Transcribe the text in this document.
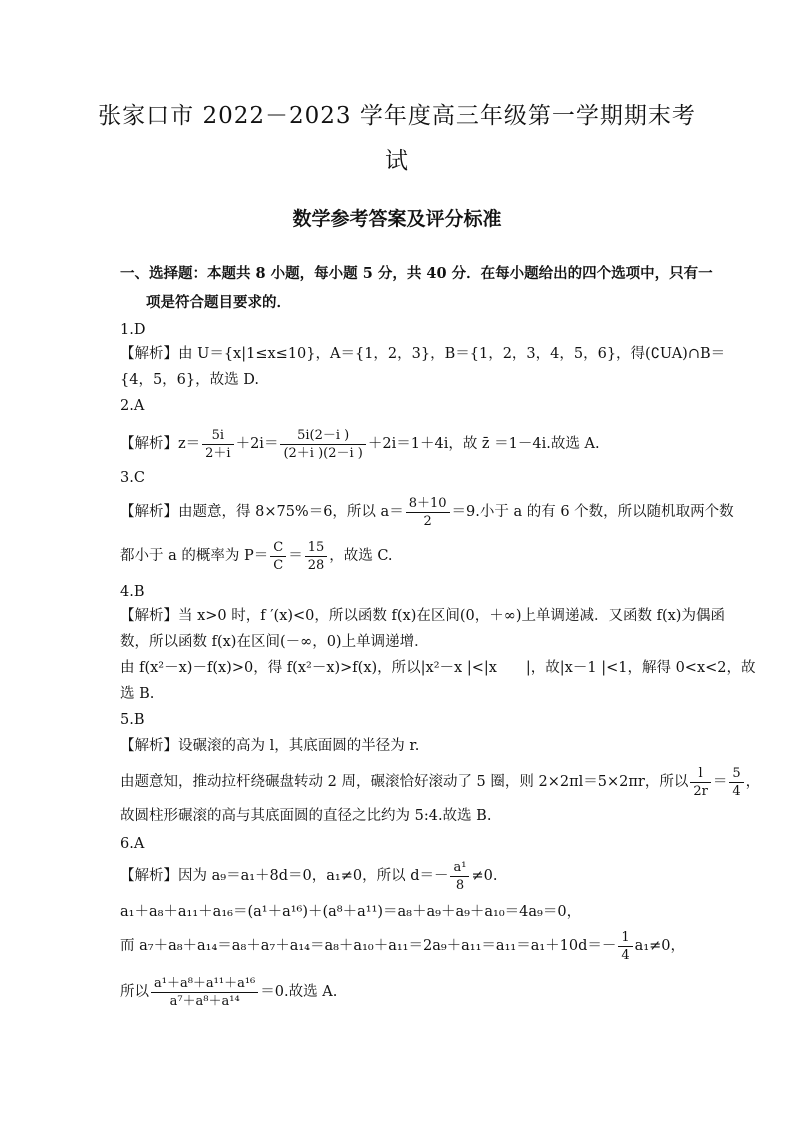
张家口市 2022－2023 学年度高三年级第一学期期末考
试
数学参考答案及评分标准
一、选择题：本题共 8 小题，每小题 5 分，共 40 分．在每小题给出的四个选项中，只有一
项是符合题目要求的．
1.D
【解析】由 U＝{x|1≤x≤10}，A＝{1，2，3}，B＝{1，2，3，4，5，6}，得(∁UA)∩B＝
{4，5，6}，故选 D.
2.A
【解析】$z= \frac{5i}{2+i} +2i= \frac{5i(2-i )}{(2+i )(2-i )} +2i=1+4i$，故 z̄ ＝1－4i.故选 A.
3.C
【解析】由题意，得 8×75%＝6，所以 $a= \frac{8+10}{2} =9$.小于 a 的有 6 个数，所以随机取两个数
都小于 a 的概率为 $P= \frac{C}{C} = \frac{15}{28}$ ，故选 C.
4.B
【解析】当 x>0 时，f ′(x)<0，所以函数 f(x)在区间(0，＋∞)上单调递减．又函数 f(x)为偶函
数，所以函数 f(x)在区间(－∞，0)上单调递增．
由 f(x²－x)－f(x)>0，得 f(x²－x)>f(x)，所以|x²－x |<|x　　|，故|x－1 |<1，解得 0<x<2，故
选 B.
5.B
【解析】设碾滚的高为 l，其底面圆的半径为 r.
由题意知，推动拉杆绕碾盘转动 2 周，碾滚恰好滚动了 5 圈，则 2×2πl＝5×2πr，所以 $\frac{l}{2r} = \frac{5}{4}$ ，
故圆柱形碾滚的高与其底面圆的直径之比约为 5:4.故选 B.
6.A
【解析】因为 a₉＝a₁＋8d＝0，a₁≠0，所以 $d=- \frac{\text{a¹}}{8} \ne 0$.
a₁＋a₈＋a₁₁＋a₁₆＝(a¹＋a¹⁶)＋(a⁸＋a¹¹)＝a₈＋a₉＋a₉＋a₁₀＝4a₉＝0，
而 $a_7+a_8+a_{14}=a_8+a_7+a_{14}=a_8+a_{10}+a_{11}=2a_9+a_{11}=a_{11}=a_1+10d=- \frac{1}{4} a_1\ne 0$，
所以 $\frac{\text{a¹＋a⁸＋a¹¹＋a¹⁶}}{\text{a⁷＋a⁸＋a¹⁴}} =0$.故选 A.
